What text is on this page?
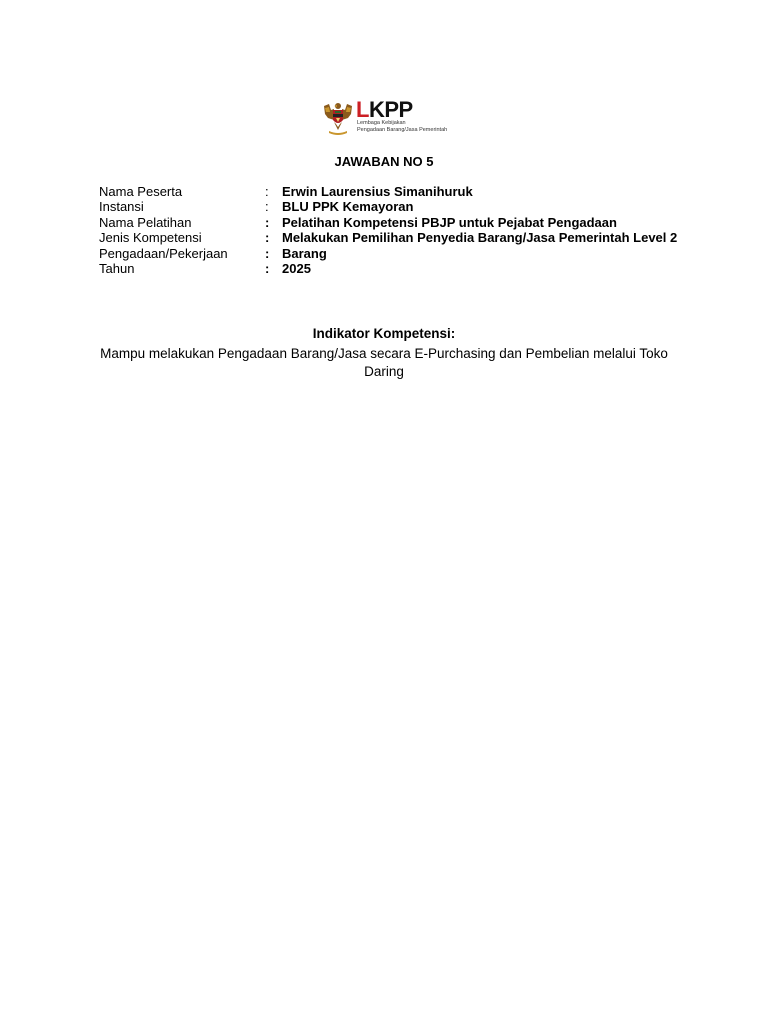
LKPP
Lembaga Kebijakan
Pengadaan Barang/Jasa Pemerintah
JAWABAN NO 5
Nama Peserta	:	Erwin Laurensius Simanihuruk
Instansi	:	BLU PPK Kemayoran
Nama Pelatihan	: Pelatihan Kompetensi PBJP untuk Pejabat Pengadaan
Jenis Kompetensi	: Melakukan Pemilihan Penyedia Barang/Jasa Pemerintah Level 2
Pengadaan/Pekerjaan	: Barang
Tahun	: 2025
Indikator Kompetensi:
Mampu melakukan Pengadaan Barang/Jasa secara E-Purchasing dan Pembelian melalui Toko Daring
